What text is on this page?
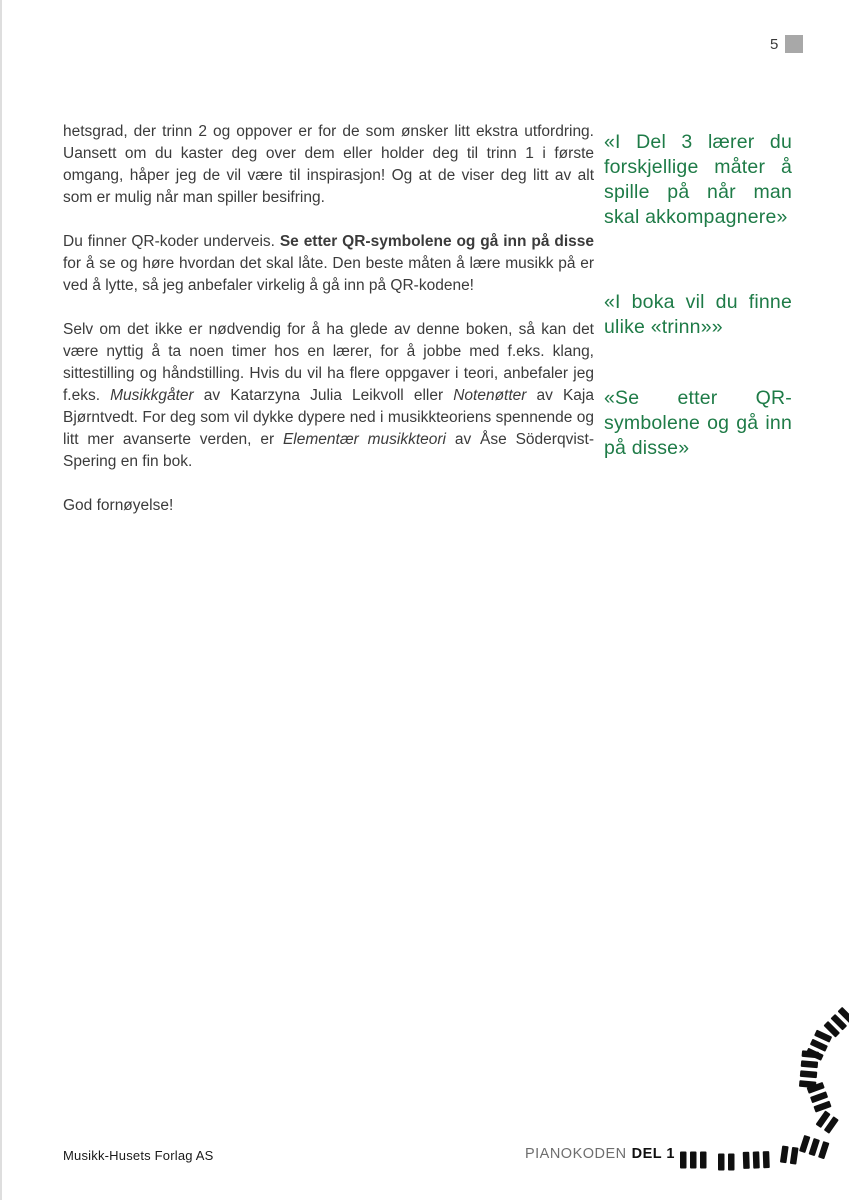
5

hetsgrad, der trinn 2 og oppover er for de som ønsker litt ekstra utfordring. Uansett om du kaster deg over dem eller holder deg til trinn 1 i første omgang, håper jeg de vil være til inspirasjon! Og at de viser deg litt av alt som er mulig når man spiller besifring.

Du finner QR-koder underveis. Se etter QR-symbolene og gå inn på disse for å se og høre hvordan det skal låte. Den beste måten å lære musikk på er ved å lytte, så jeg anbefaler virkelig å gå inn på QR-kodene!

Selv om det ikke er nødvendig for å ha glede av denne boken, så kan det være nyttig å ta noen timer hos en lærer, for å jobbe med f.eks. klang, sittestilling og håndstilling. Hvis du vil ha flere oppgaver i teori, anbefaler jeg f.eks. Musikkgåter av Katarzyna Julia Leikvoll eller Notenøtter av Kaja Bjørntvedt. For deg som vil dykke dypere ned i musikkteoriens spennende og litt mer avanserte verden, er Elementær musikkteori av Åse Söderqvist-Spering en fin bok.

God fornøyelse!

«I Del 3 lærer du forskjellige måter å spille på når man skal akkompagnere»
«I boka vil du finne ulike «trinn»»
«Se etter QR-symbolene og gå inn på disse»
Musikk-Husets Forlag AS	PIANOKODEN DEL 1
